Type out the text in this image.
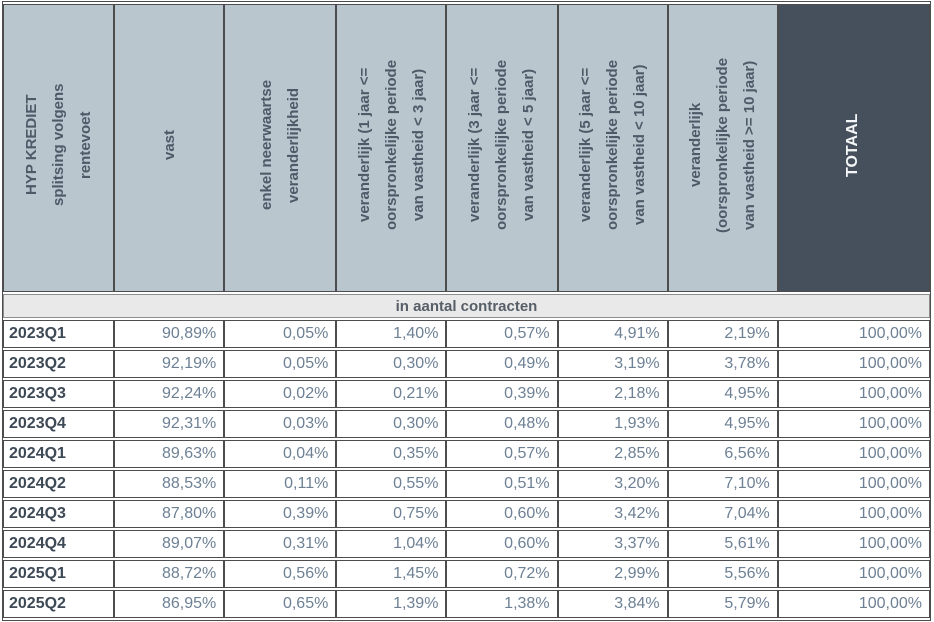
HYP KREDIET splitsing volgens rentevoet	vast	enkel neerwaartse veranderlijkheid	veranderlijk (1 jaar <= oorspronkelijke periode van vastheid < 3 jaar)	veranderlijk (3 jaar <= oorspronkelijke periode van vastheid < 5 jaar)	veranderlijk (5 jaar <= oorspronkelijke periode van vastheid < 10 jaar)	veranderlijk (oorspronkelijke periode van vastheid >= 10 jaar)	TOTAAL

in aantal contracten							
2023Q1	90,89%	0,05%	1,40%	0,57%	4,91%	2,19%	100,00%
2023Q2	92,19%	0,05%	0,30%	0,49%	3,19%	3,78%	100,00%
2023Q3	92,24%	0,02%	0,21%	0,39%	2,18%	4,95%	100,00%
2023Q4	92,31%	0,03%	0,30%	0,48%	1,93%	4,95%	100,00%
2024Q1	89,63%	0,04%	0,35%	0,57%	2,85%	6,56%	100,00%
2024Q2	88,53%	0,11%	0,55%	0,51%	3,20%	7,10%	100,00%
2024Q3	87,80%	0,39%	0,75%	0,60%	3,42%	7,04%	100,00%
2024Q4	89,07%	0,31%	1,04%	0,60%	3,37%	5,61%	100,00%
2025Q1	88,72%	0,56%	1,45%	0,72%	2,99%	5,56%	100,00%
2025Q2	86,95%	0,65%	1,39%	1,38%	3,84%	5,79%	100,00%
